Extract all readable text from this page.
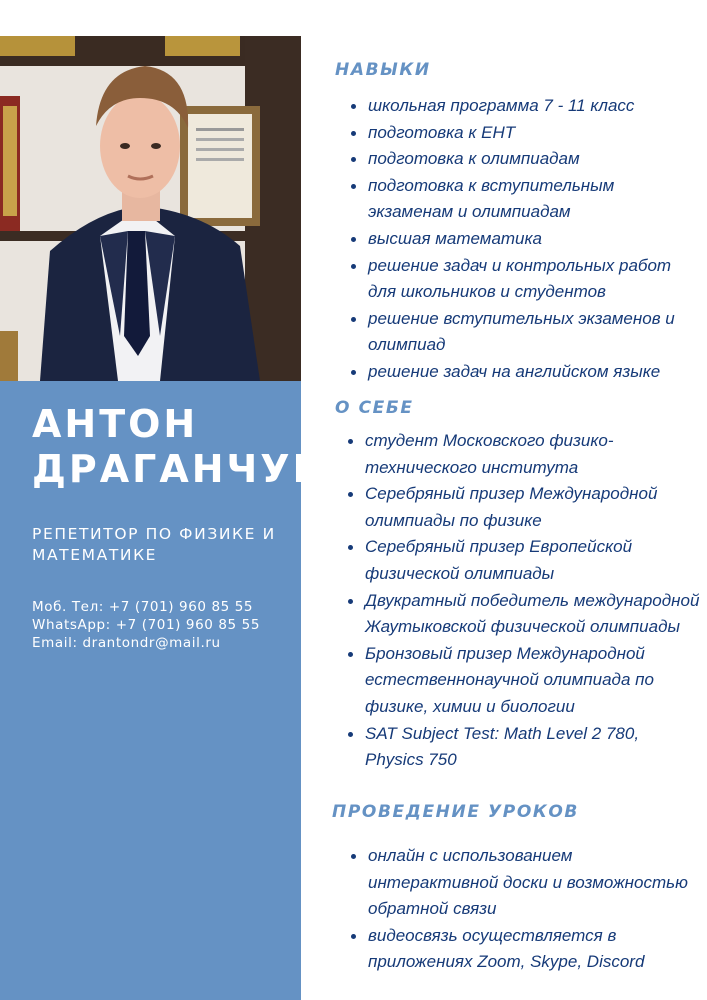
АНТОН
ДРАГАНЧУК

РЕПЕТИТОР ПО ФИЗИКЕ И МАТЕМАТИКЕ

Моб. Тел: +7 (701) 960 85 55
WhatsApp: +7 (701) 960 85 55
Email: drantondr@mail.ru
НАВЫКИ
школьная программа 7 - 11 класс
подготовка к ЕНТ
подготовка к олимпиадам
подготовка к вступительным экзаменам и олимпиадам
высшая математика
решение задач и контрольных работ для школьников и студентов
решение вступительных экзаменов и олимпиад
решение задач на английском языке
О СЕБЕ
студент Московского физико-технического института
Серебряный призер Международной олимпиады по физике
Серебряный призер Европейской физической олимпиады
Двукратный победитель международной Жаутыковской физической олимпиады
Бронзовый призер Международной естественнонаучной олимпиада по физике, химии и биологии
SAT Subject Test: Math Level 2 780, Physics 750
ПРОВЕДЕНИЕ УРОКОВ
онлайн с использованием интерактивной доски и возможностью обратной связи
видеосвязь осуществляется в приложениях Zoom, Skype, Discord
